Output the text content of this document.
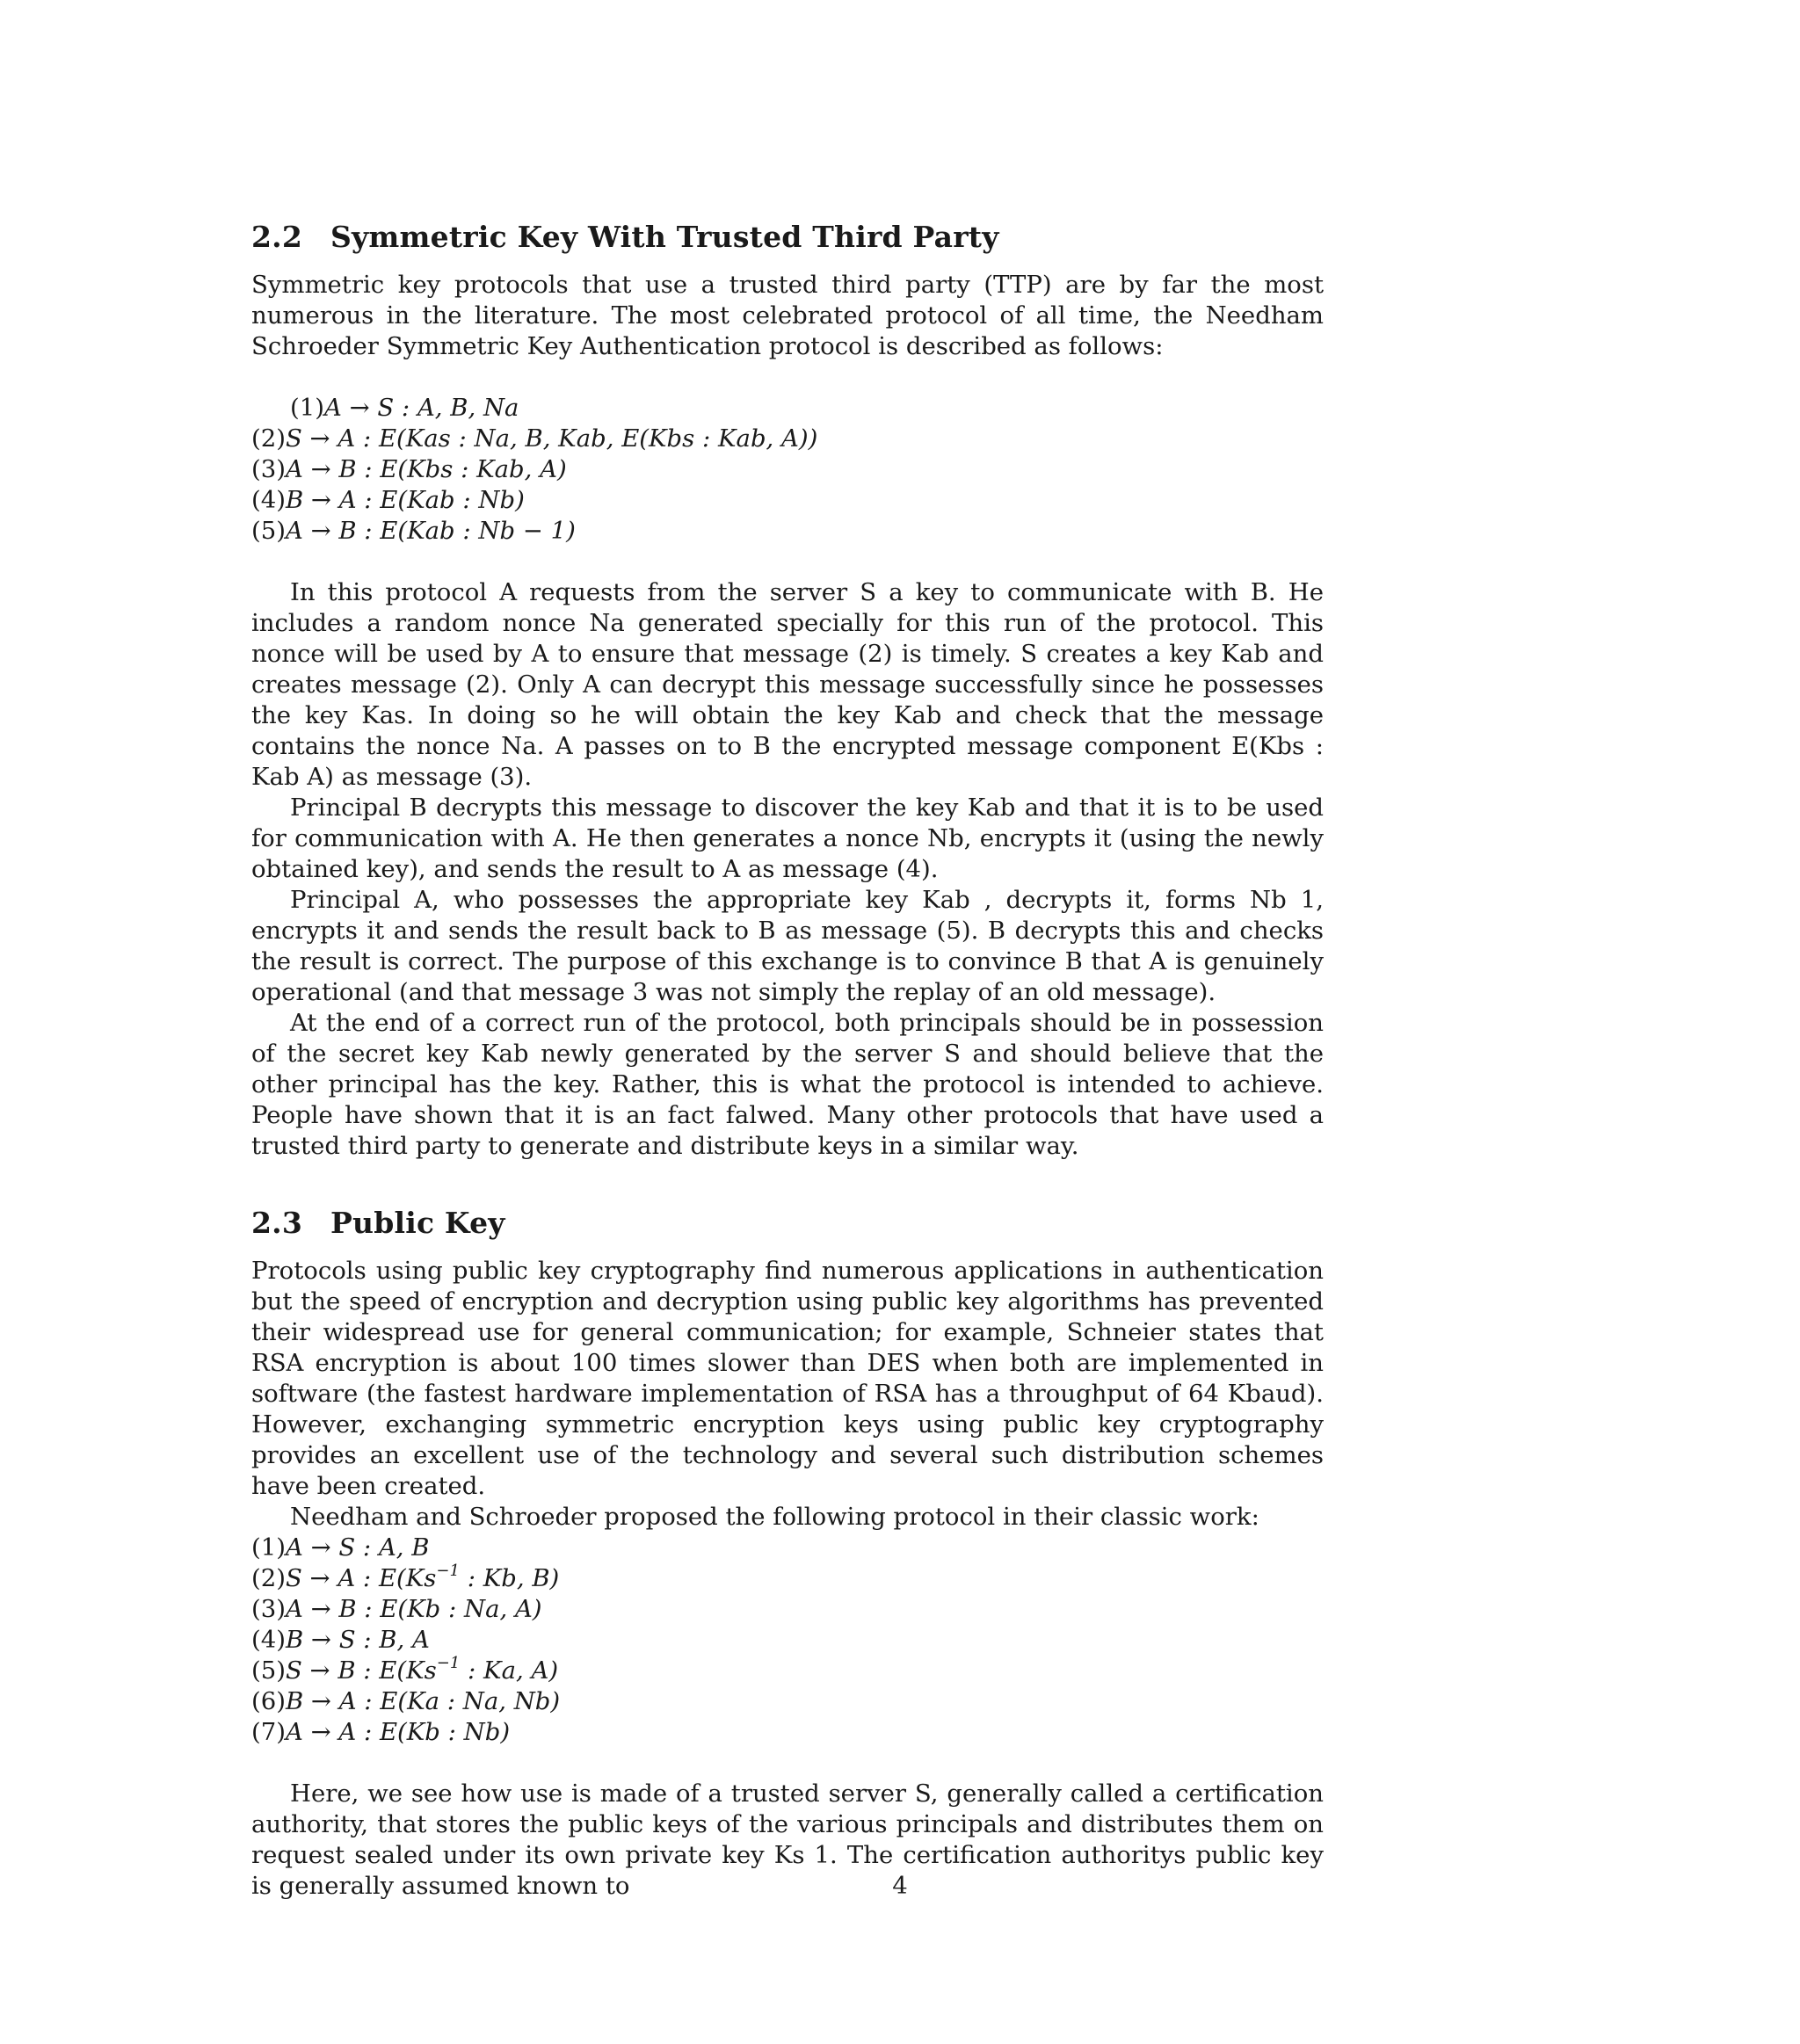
2.2 Symmetric Key With Trusted Third Party

Symmetric key protocols that use a trusted third party (TTP) are by far the most numerous in the literature. The most celebrated protocol of all time, the Needham Schroeder Symmetric Key Authentication protocol is described as follows:

(1)A → S : A, B, Na
(2)S → A : E(Kas : Na, B, Kab, E(Kbs : Kab, A))
(3)A → B : E(Kbs : Kab, A)
(4)B → A : E(Kab : Nb)
(5)A → B : E(Kab : Nb − 1)

In this protocol A requests from the server S a key to communicate with B. He includes a random nonce Na generated specially for this run of the protocol. This nonce will be used by A to ensure that message (2) is timely. S creates a key Kab and creates message (2). Only A can decrypt this message successfully since he possesses the key Kas. In doing so he will obtain the key Kab and check that the message contains the nonce Na. A passes on to B the encrypted message component E(Kbs : Kab A) as message (3).

Principal B decrypts this message to discover the key Kab and that it is to be used for communication with A. He then generates a nonce Nb, encrypts it (using the newly obtained key), and sends the result to A as message (4).

Principal A, who possesses the appropriate key Kab , decrypts it, forms Nb 1, encrypts it and sends the result back to B as message (5). B decrypts this and checks the result is correct. The purpose of this exchange is to convince B that A is genuinely operational (and that message 3 was not simply the replay of an old message).

At the end of a correct run of the protocol, both principals should be in possession of the secret key Kab newly generated by the server S and should believe that the other principal has the key. Rather, this is what the protocol is intended to achieve. People have shown that it is an fact falwed. Many other protocols that have used a trusted third party to generate and distribute keys in a similar way.

2.3 Public Key

Protocols using public key cryptography find numerous applications in authentication but the speed of encryption and decryption using public key algorithms has prevented their widespread use for general communication; for example, Schneier states that RSA encryption is about 100 times slower than DES when both are implemented in software (the fastest hardware implementation of RSA has a throughput of 64 Kbaud). However, exchanging symmetric encryption keys using public key cryptography provides an excellent use of the technology and several such distribution schemes have been created.

Needham and Schroeder proposed the following protocol in their classic work:

(1)A → S : A, B
(2)S → A : $E(Ks^{-1}$ : Kb, B)
(3)A → B : E(Kb : Na, A)
(4)B → S : B, A
(5)S → B : $E(Ks^{-1}$ : Ka, A)
(6)B → A : E(Ka : Na, Nb)
(7)A → A : E(Kb : Nb)

Here, we see how use is made of a trusted server S, generally called a certification authority, that stores the public keys of the various principals and distributes them on request sealed under its own private key Ks 1. The certification authoritys public key is generally assumed known to	4
